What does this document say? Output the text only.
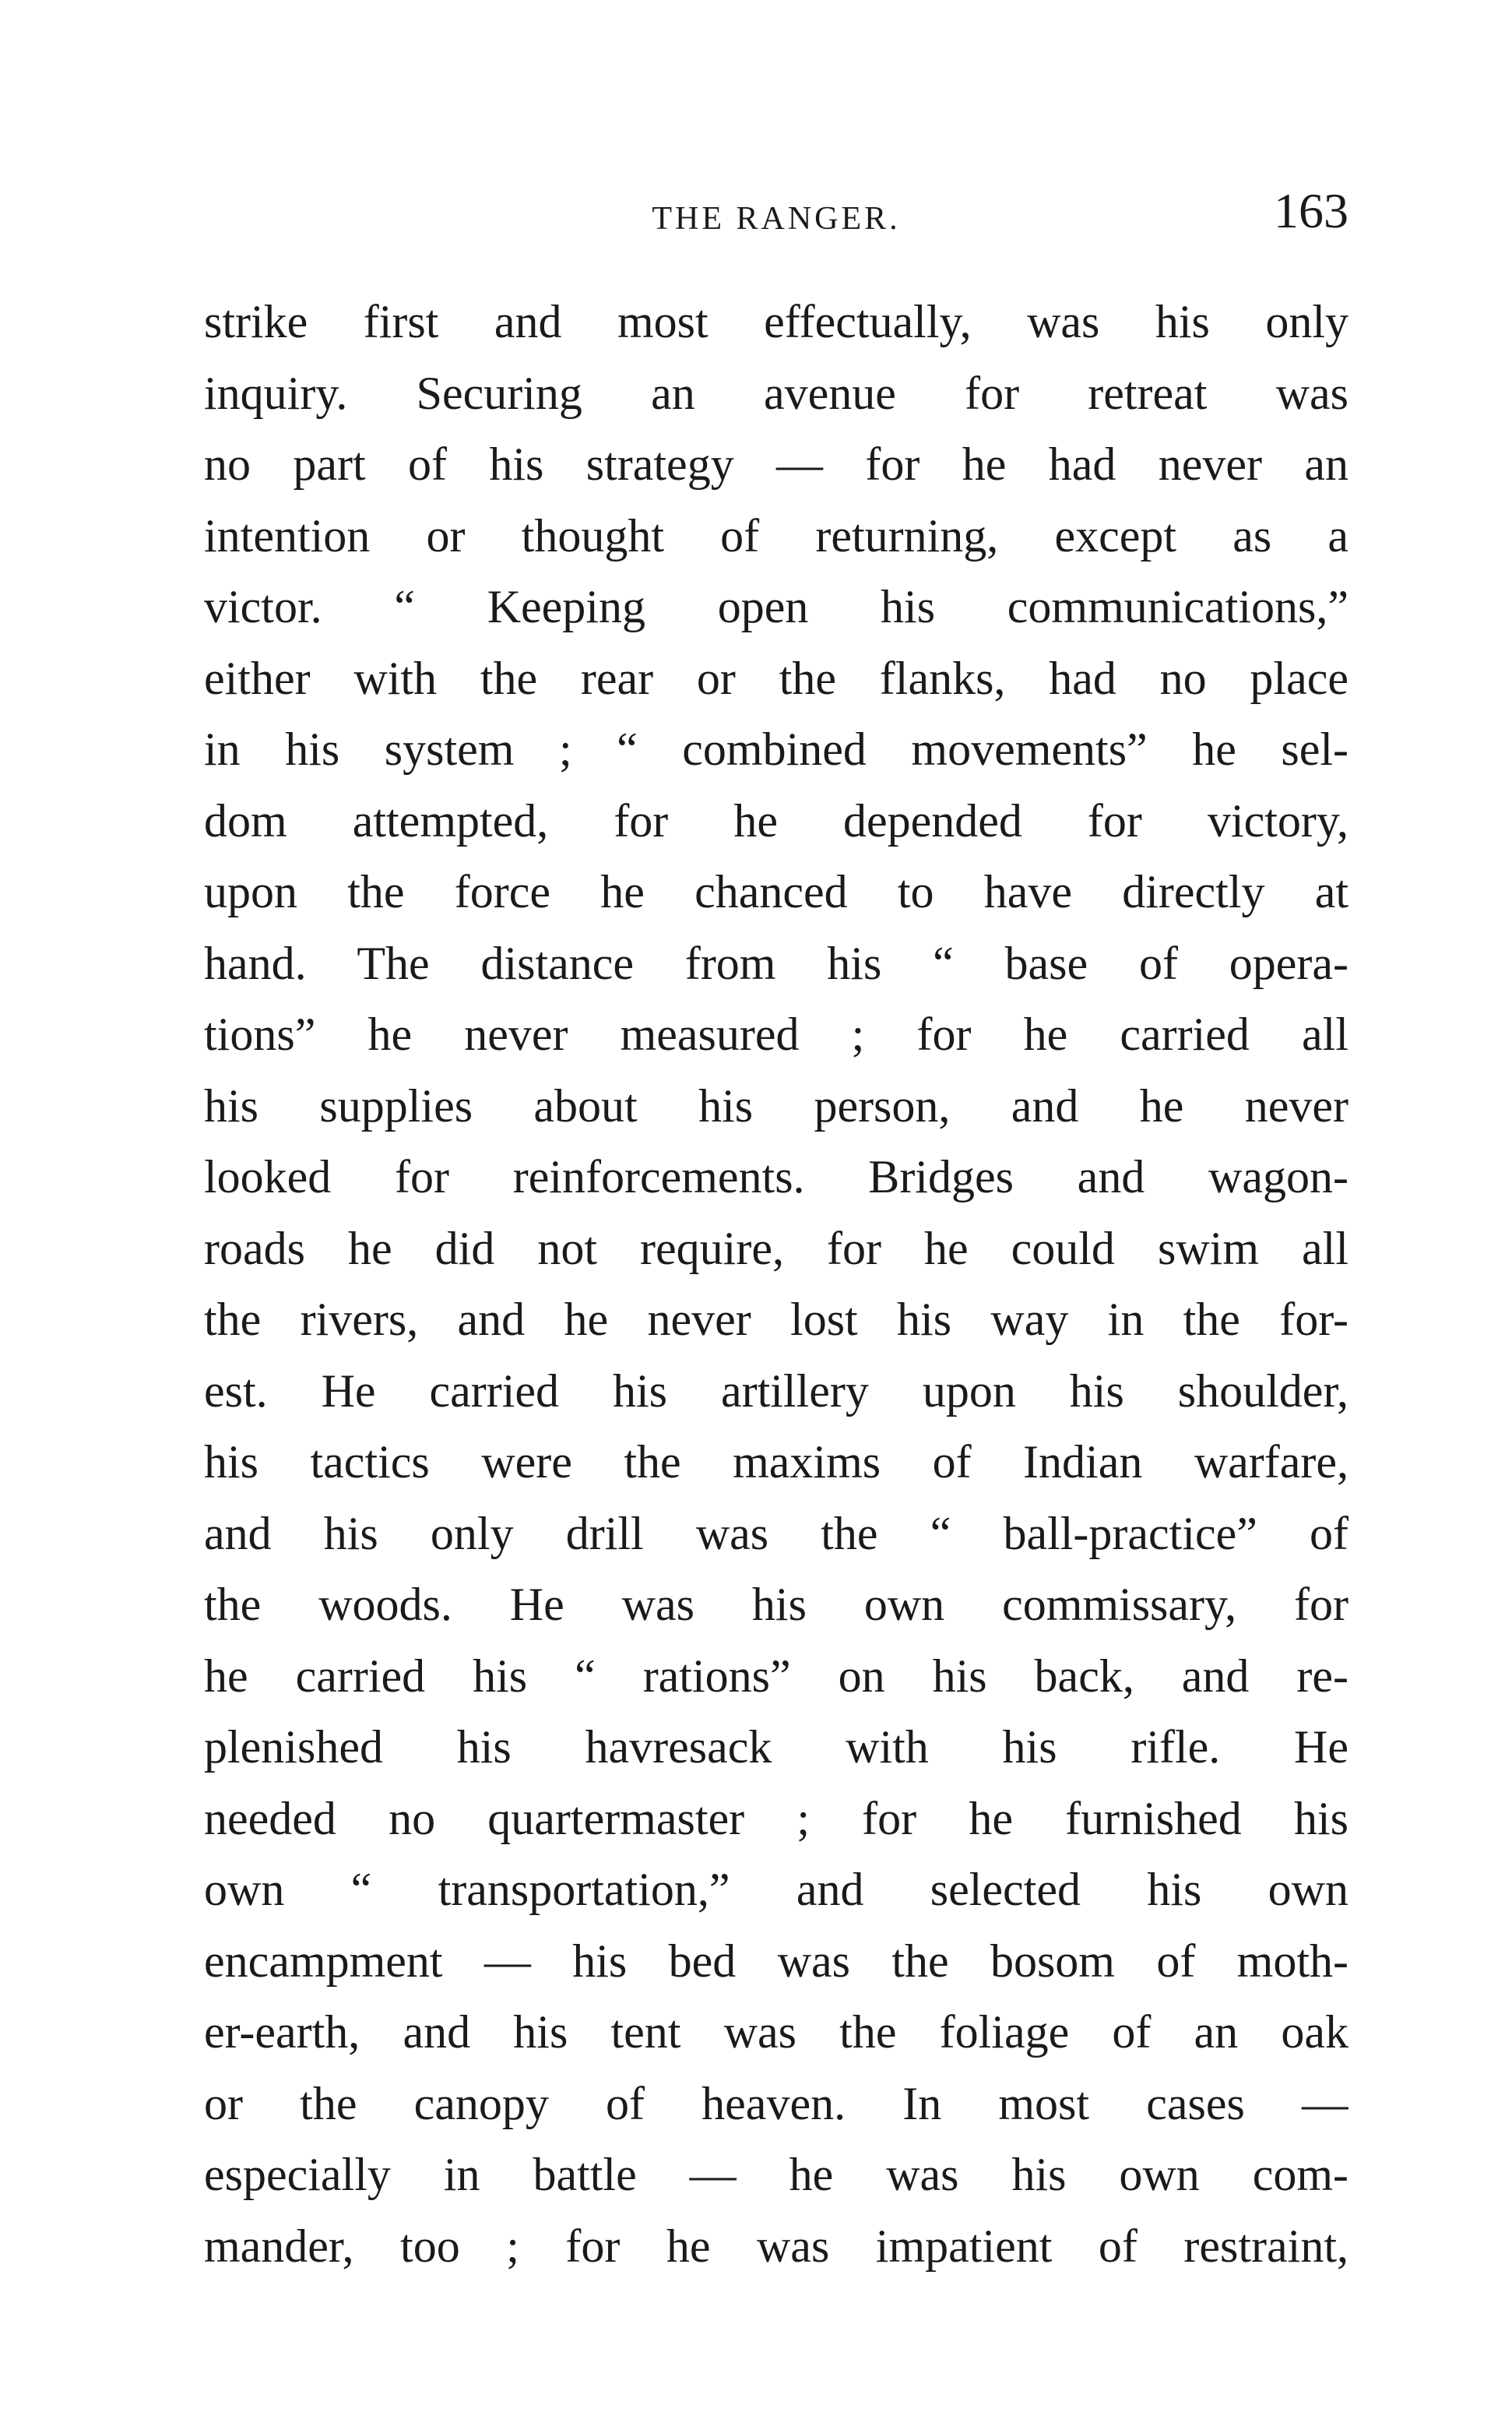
THE RANGER.	163
strike first and most effectually, was his only
inquiry. Securing an avenue for retreat was
no part of his strategy — for he had never an
intention or thought of returning, except as a
victor. “ Keeping open his communications,”
either with the rear or the flanks, had no place
in his system ; “ combined movements” he sel-
dom attempted, for he depended for victory,
upon the force he chanced to have directly at
hand. The distance from his “ base of opera-
tions” he never measured ; for he carried all
his supplies about his person, and he never
looked for reinforcements. Bridges and wagon-
roads he did not require, for he could swim all
the rivers, and he never lost his way in the for-
est. He carried his artillery upon his shoulder,
his tactics were the maxims of Indian warfare,
and his only drill was the “ ball-practice” of
the woods. He was his own commissary, for
he carried his “ rations” on his back, and re-
plenished his havresack with his rifle. He
needed no quartermaster ; for he furnished his
own “ transportation,” and selected his own
encampment — his bed was the bosom of moth-
er-earth, and his tent was the foliage of an oak
or the canopy of heaven. In most cases —
especially in battle — he was his own com-
mander, too ; for he was impatient of restraint,
